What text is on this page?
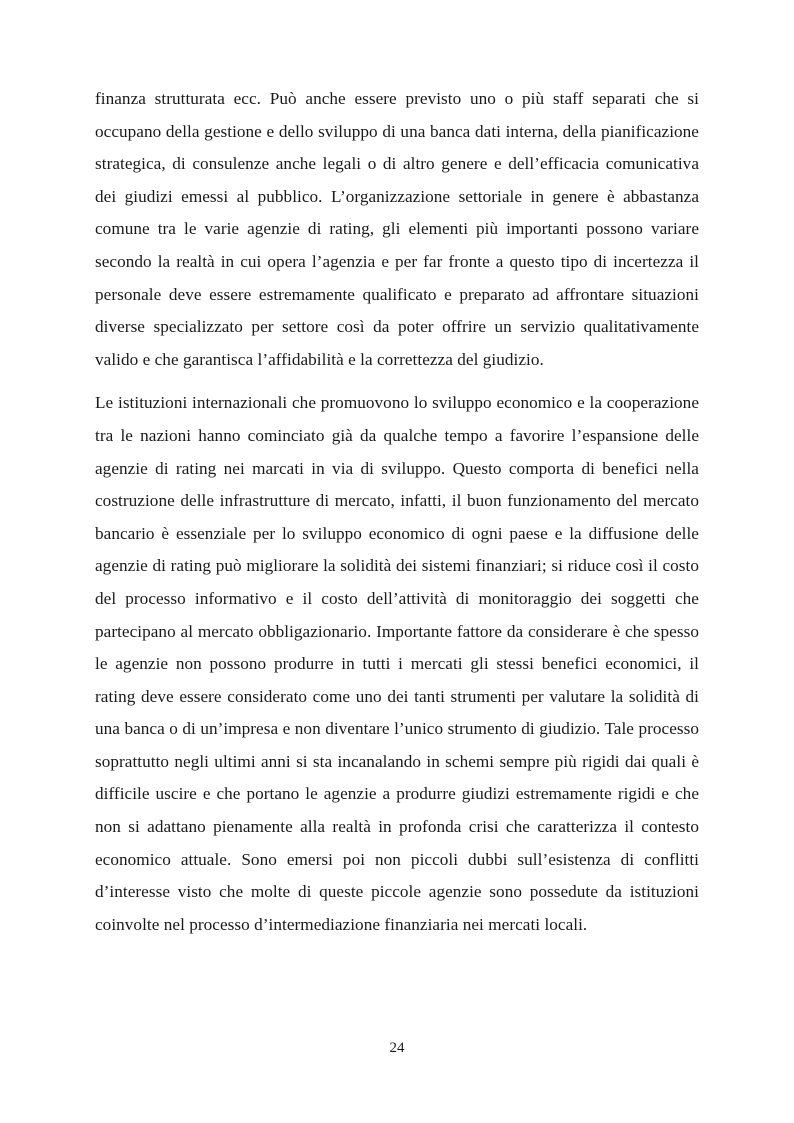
finanza strutturata ecc. Può anche essere previsto uno o più staff separati che si occupano della gestione e dello sviluppo di una banca dati interna, della pianificazione strategica, di consulenze anche legali o di altro genere e dell’efficacia comunicativa dei giudizi emessi al pubblico. L’organizzazione settoriale in genere è abbastanza comune tra le varie agenzie di rating, gli elementi più importanti possono variare secondo la realtà in cui opera l’agenzia e per far fronte a questo tipo di incertezza il personale deve essere estremamente qualificato e preparato ad affrontare situazioni diverse specializzato per settore così da poter offrire un servizio qualitativamente valido e che garantisca l’affidabilità e la correttezza del giudizio.

Le istituzioni internazionali che promuovono lo sviluppo economico e la cooperazione tra le nazioni hanno cominciato già da qualche tempo a favorire l’espansione delle agenzie di rating nei marcati in via di sviluppo. Questo comporta di benefici nella costruzione delle infrastrutture di mercato, infatti, il buon funzionamento del mercato bancario è essenziale per lo sviluppo economico di ogni paese e la diffusione delle agenzie di rating può migliorare la solidità dei sistemi finanziari; si riduce così il costo del processo informativo e il costo dell’attività di monitoraggio dei soggetti che partecipano al mercato obbligazionario. Importante fattore da considerare è che spesso le agenzie non possono produrre in tutti i mercati gli stessi benefici economici, il rating deve essere considerato come uno dei tanti strumenti per valutare la solidità di una banca o di un’impresa e non diventare l’unico strumento di giudizio. Tale processo soprattutto negli ultimi anni si sta incanalando in schemi sempre più rigidi dai quali è difficile uscire e che portano le agenzie a produrre giudizi estremamente rigidi e che non si adattano pienamente alla realtà in profonda crisi che caratterizza il contesto economico attuale. Sono emersi poi non piccoli dubbi sull’esistenza di conflitti d’interesse visto che molte di queste piccole agenzie sono possedute da istituzioni coinvolte nel processo d’intermediazione finanziaria nei mercati locali.

24
